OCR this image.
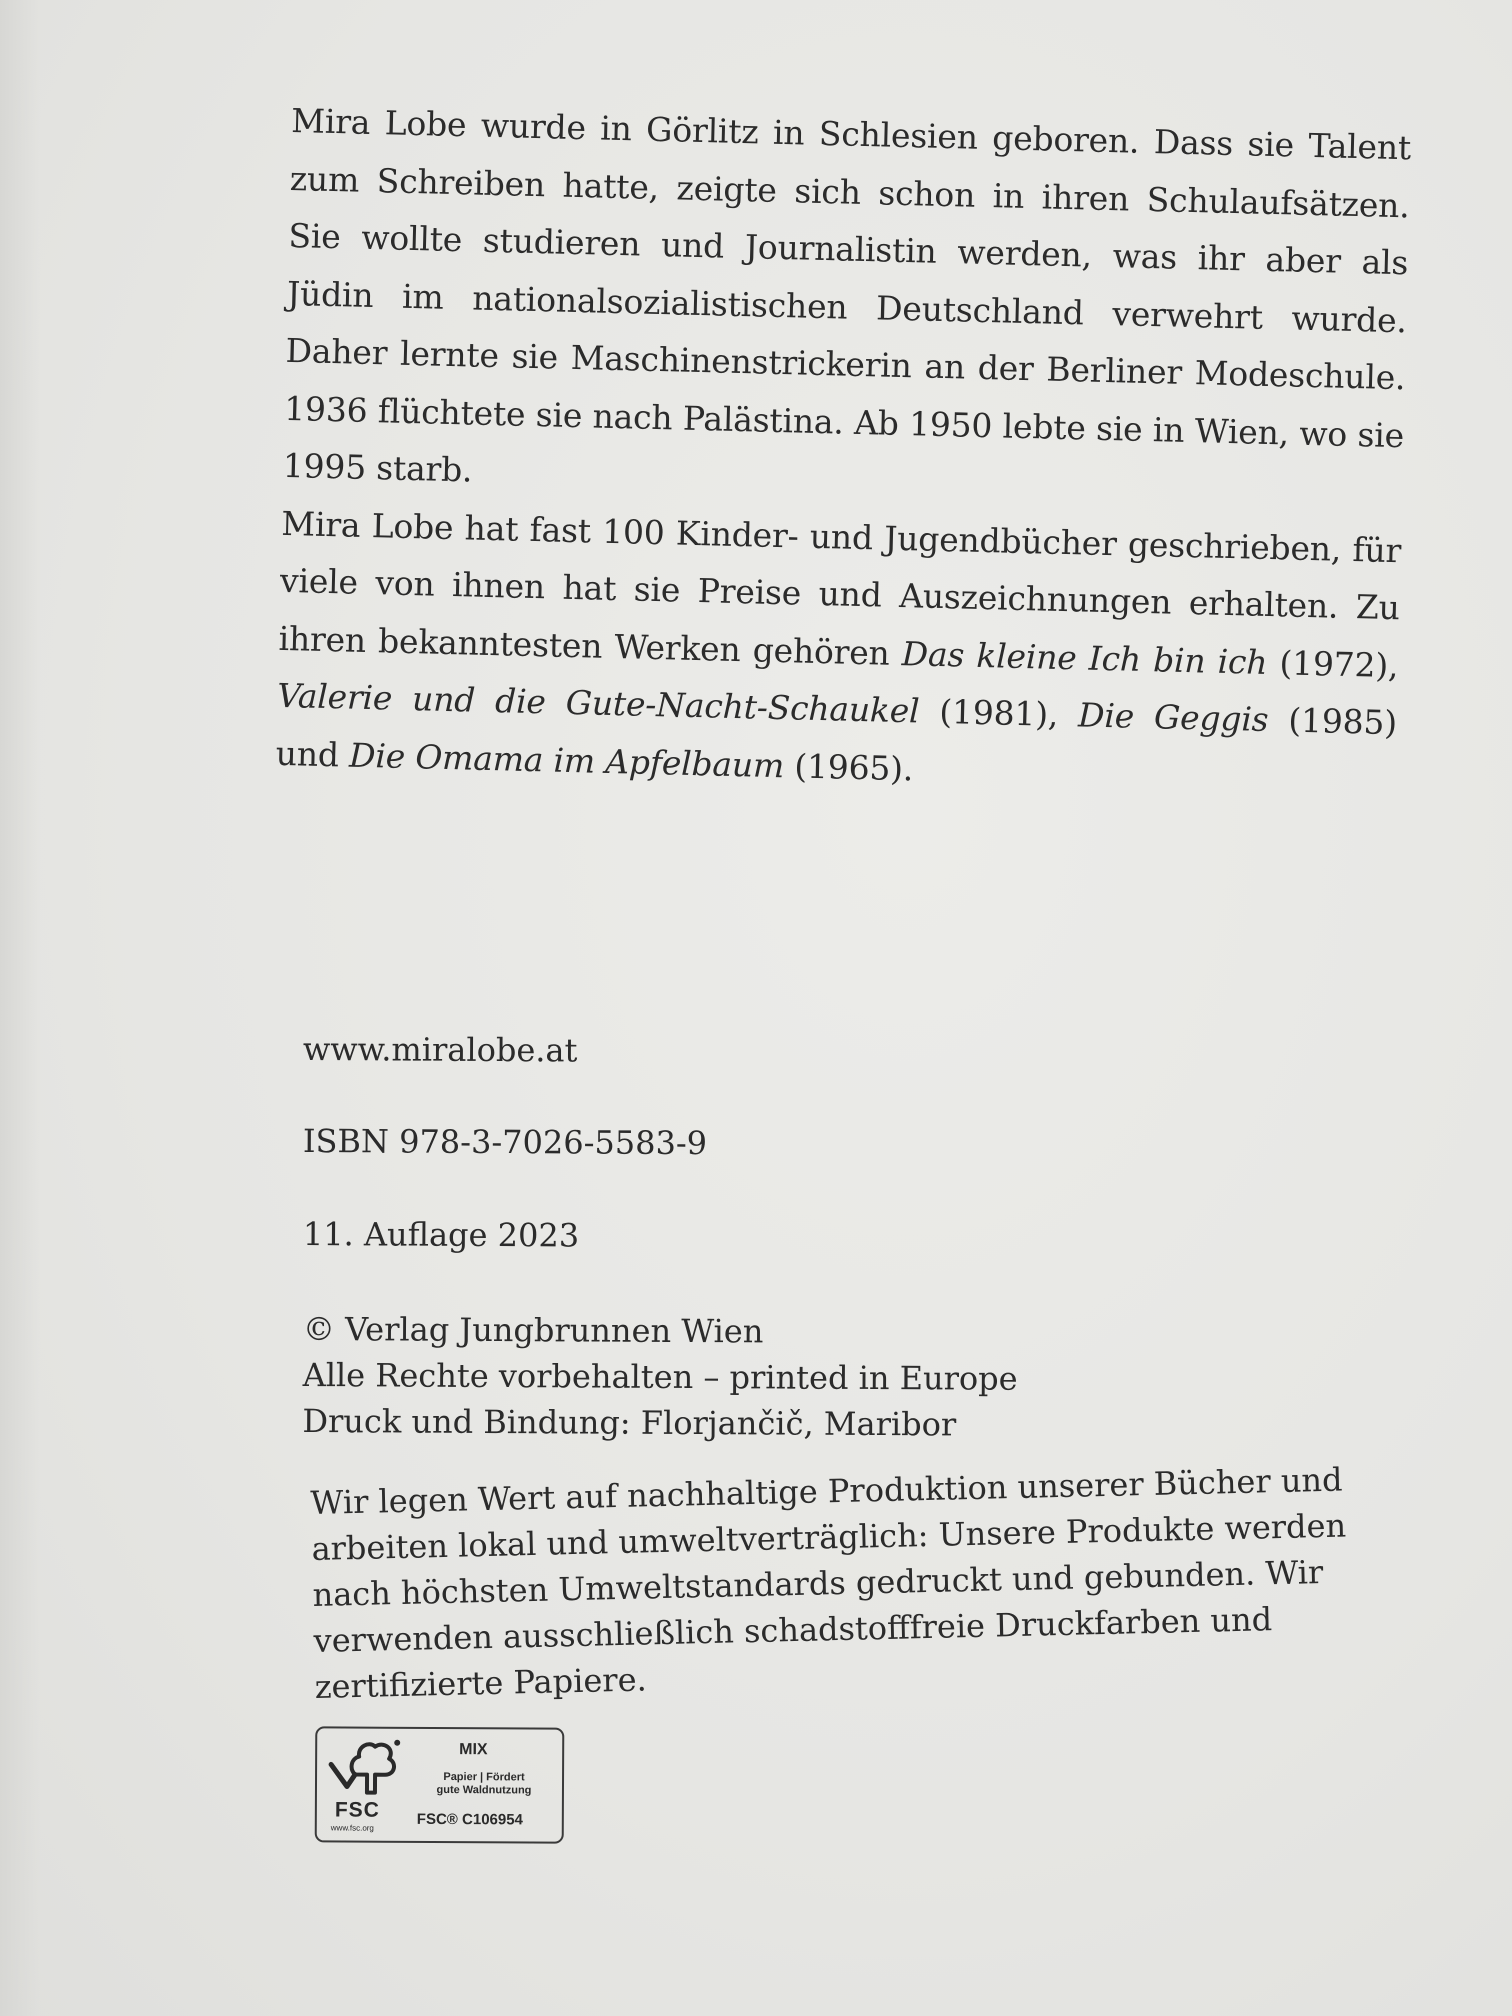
Mira Lobe wurde in Görlitz in Schlesien geboren. Dass sie Talent zum Schreiben hatte, zeigte sich schon in ihren Schulaufsätzen. Sie wollte studieren und Journalistin werden, was ihr aber als Jüdin im nationalsozialistischen Deutschland verwehrt wurde. Daher lernte sie Maschinenstrickerin an der Berliner Modeschule. 1936 flüchtete sie nach Palästina. Ab 1950 lebte sie in Wien, wo sie 1995 starb.
Mira Lobe hat fast 100 Kinder- und Jugendbücher geschrieben, für viele von ihnen hat sie Preise und Auszeichnungen erhalten. Zu ihren bekanntesten Werken gehören Das kleine Ich bin ich (1972), Valerie und die Gute-Nacht-Schaukel (1981), Die Geggis (1985) und Die Omama im Apfelbaum (1965).
www.miralobe.at
ISBN 978-3-7026-5583-9
11. Auflage 2023
© Verlag Jungbrunnen Wien
Alle Rechte vorbehalten – printed in Europe
Druck und Bindung: Florjančič, Maribor
Wir legen Wert auf nachhaltige Produktion unserer Bücher und arbeiten lokal und umweltverträglich: Unsere Produkte werden nach höchsten Umweltstandards gedruckt und gebunden. Wir verwenden ausschließlich schadstofffreie Druckfarben und zertifizierte Papiere.
FSC
www.fsc.org
MIX
Papier | Fördert
gute Waldnutzung
FSC® C106954
